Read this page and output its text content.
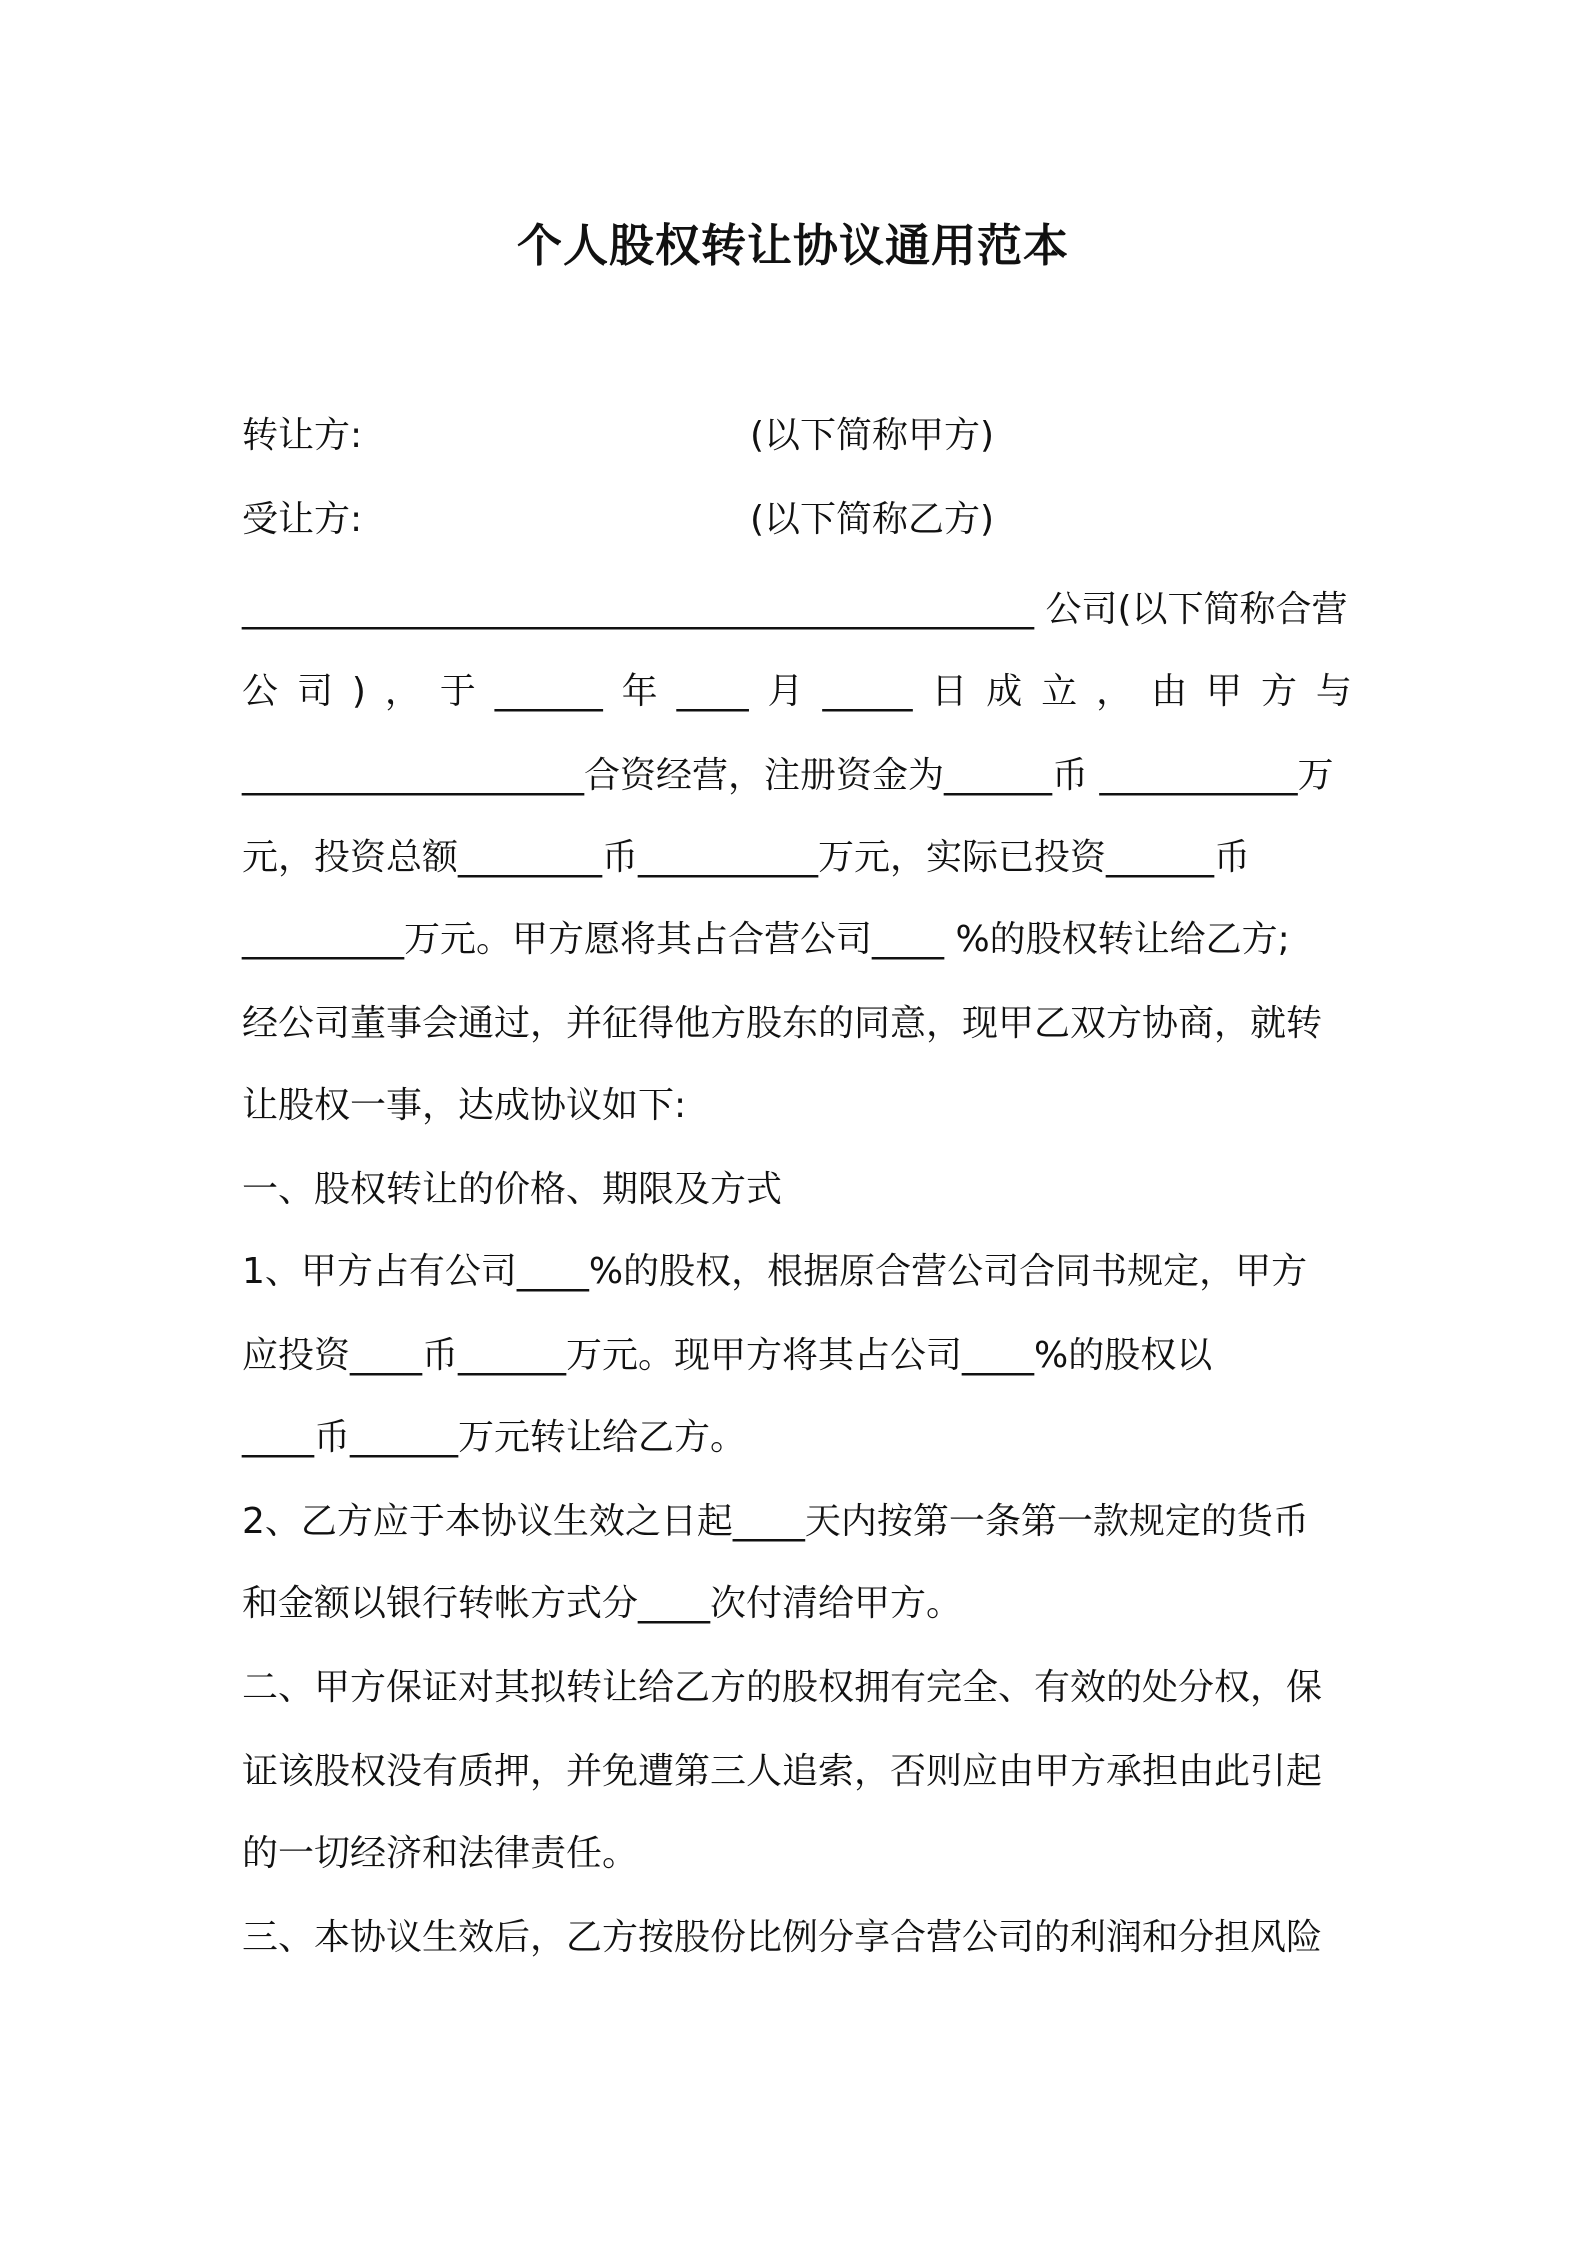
个人股权转让协议通用范本
转让方:	(以下简称甲方)
受让方:	(以下简称乙方)
____________________________________________ 公司(以下简称合营
公 司 ) ， 于 ______ 年 ____ 月 _____ 日 成 立 ， 由 甲 方 与
___________________合资经营，注册资金为______币 ___________万
元，投资总额________币__________万元，实际已投资______币
_________万元。甲方愿将其占合营公司____ %的股权转让给乙方;
经公司董事会通过，并征得他方股东的同意，现甲乙双方协商，就转
让股权一事，达成协议如下:
一、股权转让的价格、期限及方式
1、甲方占有公司____%的股权，根据原合营公司合同书规定，甲方
应投资____币______万元。现甲方将其占公司____%的股权以
____币______万元转让给乙方。
2、乙方应于本协议生效之日起____天内按第一条第一款规定的货币
和金额以银行转帐方式分____次付清给甲方。
二、甲方保证对其拟转让给乙方的股权拥有完全、有效的处分权，保
证该股权没有质押，并免遭第三人追索，否则应由甲方承担由此引起
的一切经济和法律责任。
三、本协议生效后，乙方按股份比例分享合营公司的利润和分担风险
